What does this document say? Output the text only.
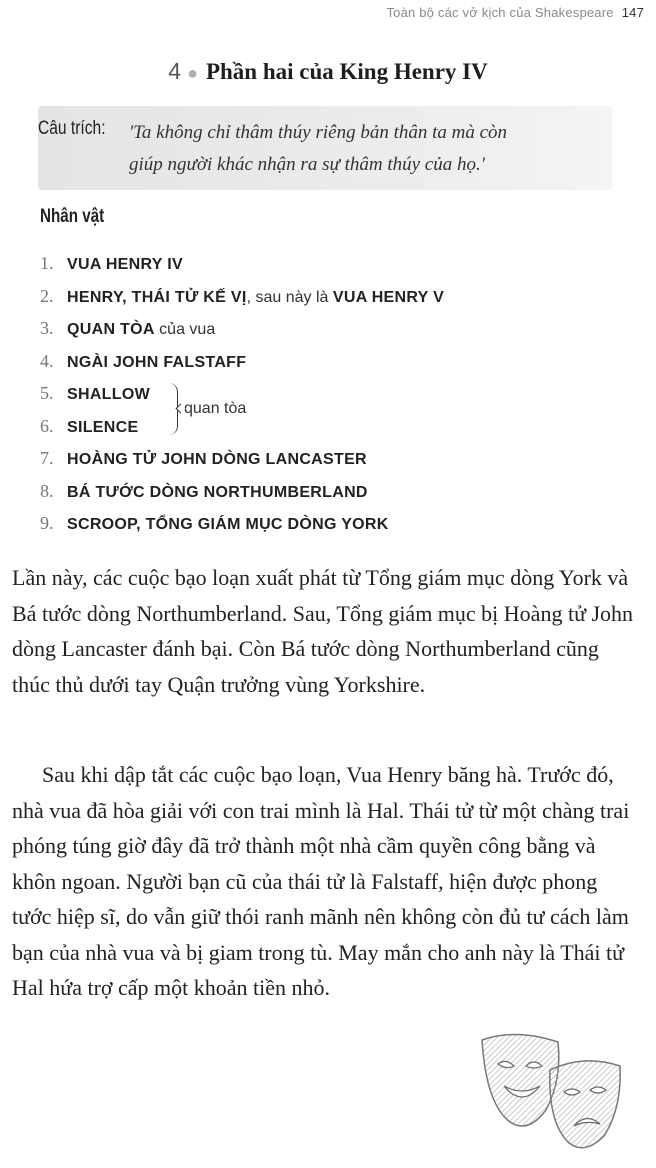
Toàn bộ các vở kịch của Shakespeare 147
4 ● Phần hai của King Henry IV
Câu trích: 'Ta không chỉ thâm thúy riêng bản thân ta mà còn
giúp người khác nhận ra sự thâm thúy của họ.'
Nhân vật
1. VUA HENRY IV
2. HENRY, THÁI TỬ KẾ VỊ, sau này là VUA HENRY V
3. QUAN TÒA của vua
4. NGÀI JOHN FALSTAFF
5. SHALLOW
6. SILENCE
7. HOÀNG TỬ JOHN DÒNG LANCASTER
8. BÁ TƯỚC DÒNG NORTHUMBERLAND
9. SCROOP, TỔNG GIÁM MỤC DÒNG YORK
quan tòa

Lần này, các cuộc bạo loạn xuất phát từ Tổng giám mục dòng York và Bá tước dòng Northumberland. Sau, Tổng giám mục bị Hoàng tử John dòng Lancaster đánh bại. Còn Bá tước dòng Northumberland cũng thúc thủ dưới tay Quận trưởng vùng Yorkshire.

Sau khi dập tắt các cuộc bạo loạn, Vua Henry băng hà. Trước đó, nhà vua đã hòa giải với con trai mình là Hal. Thái tử từ một chàng trai phóng túng giờ đây đã trở thành một nhà cầm quyền công bằng và khôn ngoan. Người bạn cũ của thái tử là Falstaff, hiện được phong tước hiệp sĩ, do vẫn giữ thói ranh mãnh nên không còn đủ tư cách làm bạn của nhà vua và bị giam trong tù. May mắn cho anh này là Thái tử Hal hứa trợ cấp một khoản tiền nhỏ.
